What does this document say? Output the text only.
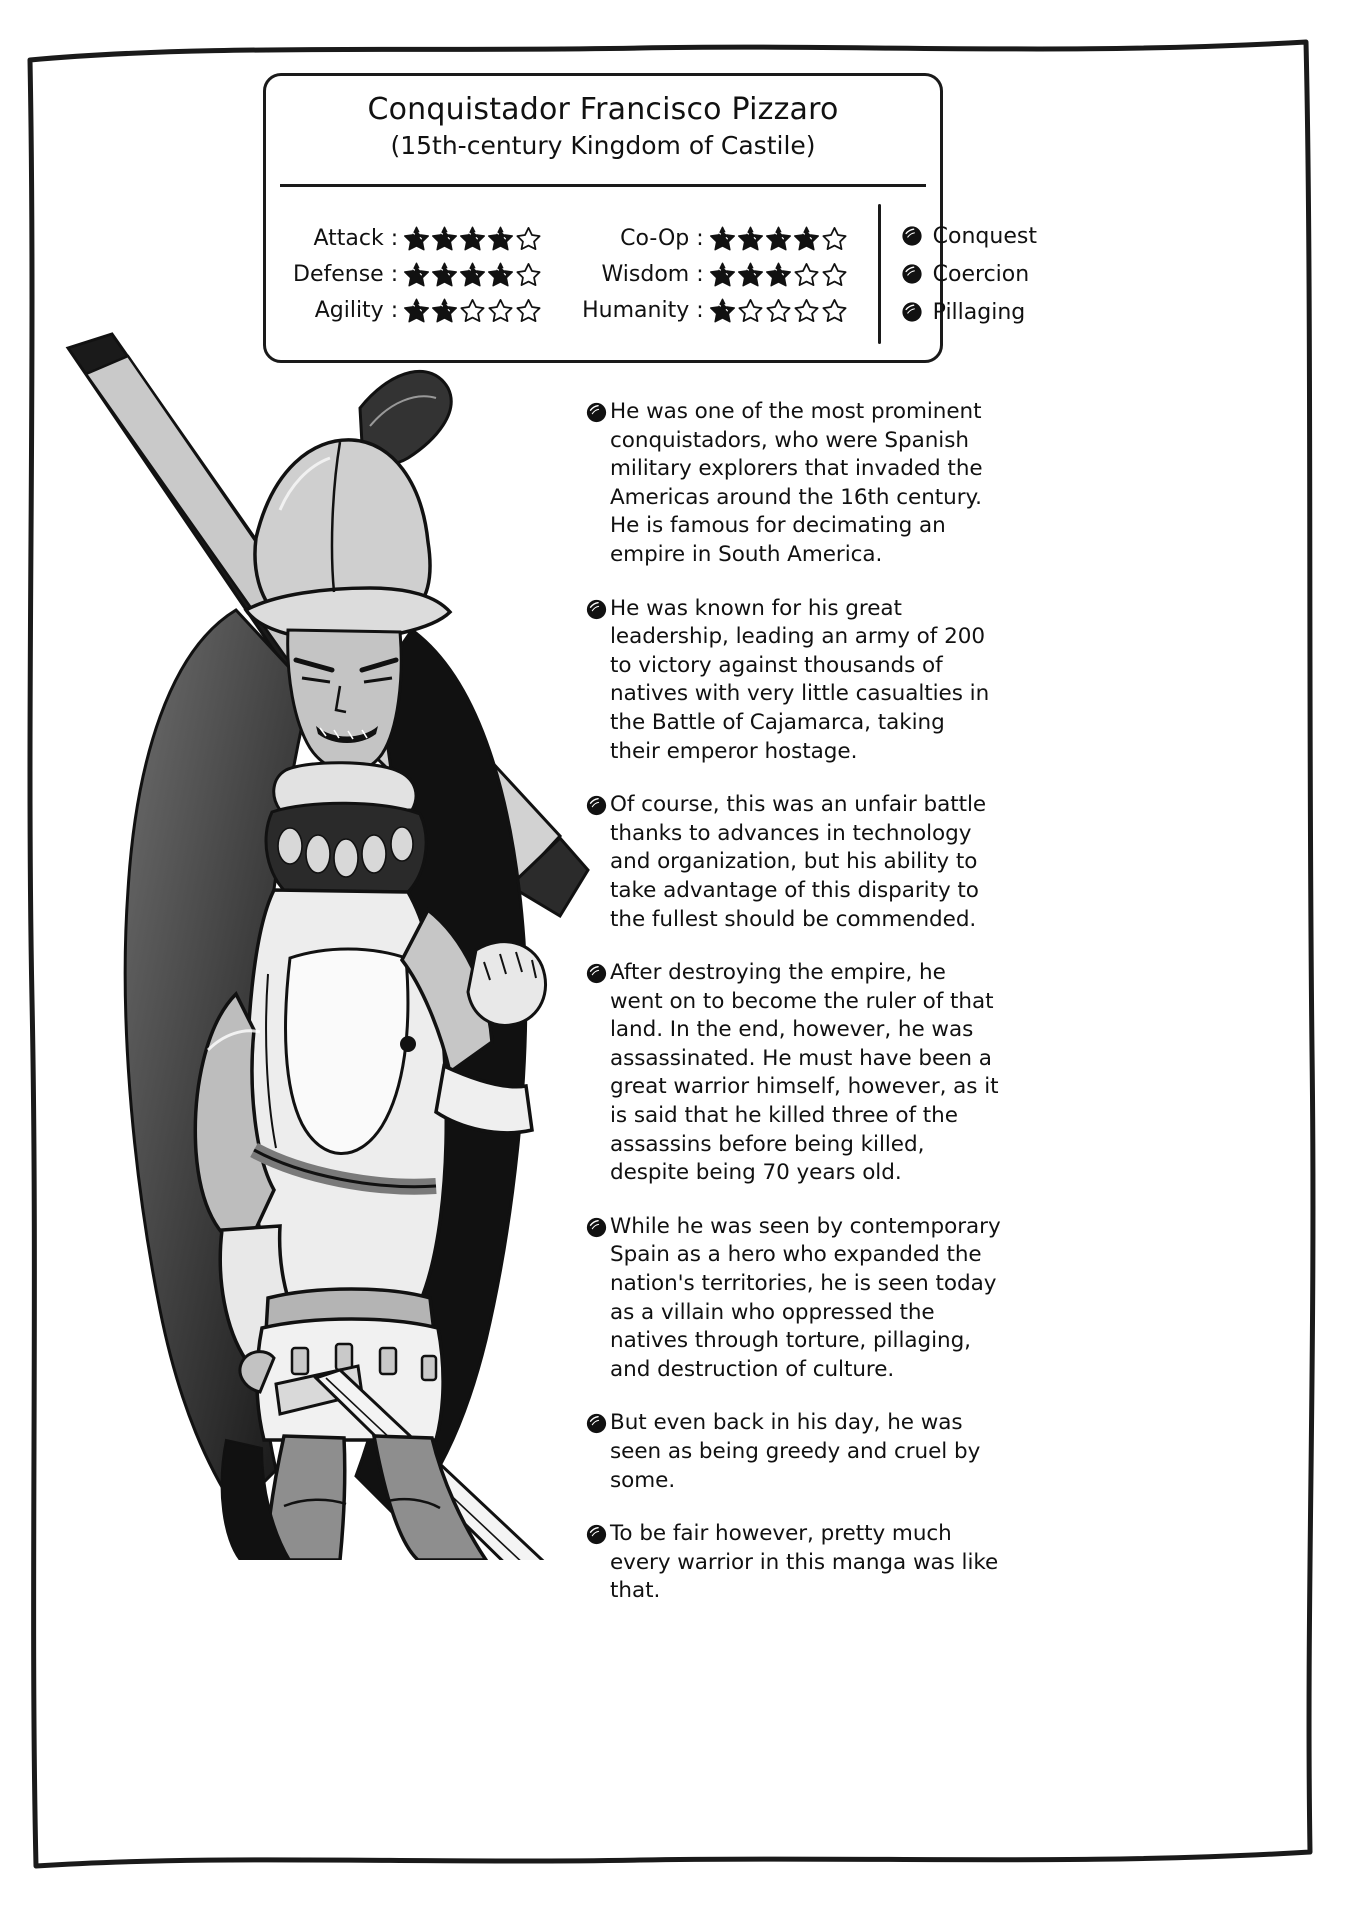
Conquistador Francisco Pizzaro
(15th-century Kingdom of Castile)
Attack :
Defense :
Agility :
Co-Op :
Wisdom :
Humanity :
Conquest
Coercion
Pillaging
He was one of the most prominent conquistadors, who were Spanish military explorers that invaded the Americas around the 16th century. He is famous for decimating an empire in South America.
He was known for his great leadership, leading an army of 200 to victory against thousands of natives with very little casualties in the Battle of Cajamarca, taking their emperor hostage.
Of course, this was an unfair battle thanks to advances in technology and organization, but his ability to take advantage of this disparity to the fullest should be commended.
After destroying the empire, he went on to become the ruler of that land. In the end, however, he was assassinated. He must have been a great warrior himself, however, as it is said that he killed three of the assassins before being killed, despite being 70 years old.
While he was seen by contemporary Spain as a hero who expanded the nation's territories, he is seen today as a villain who oppressed the natives through torture, pillaging, and destruction of culture.
But even back in his day, he was seen as being greedy and cruel by some.
To be fair however, pretty much every warrior in this manga was like that.
